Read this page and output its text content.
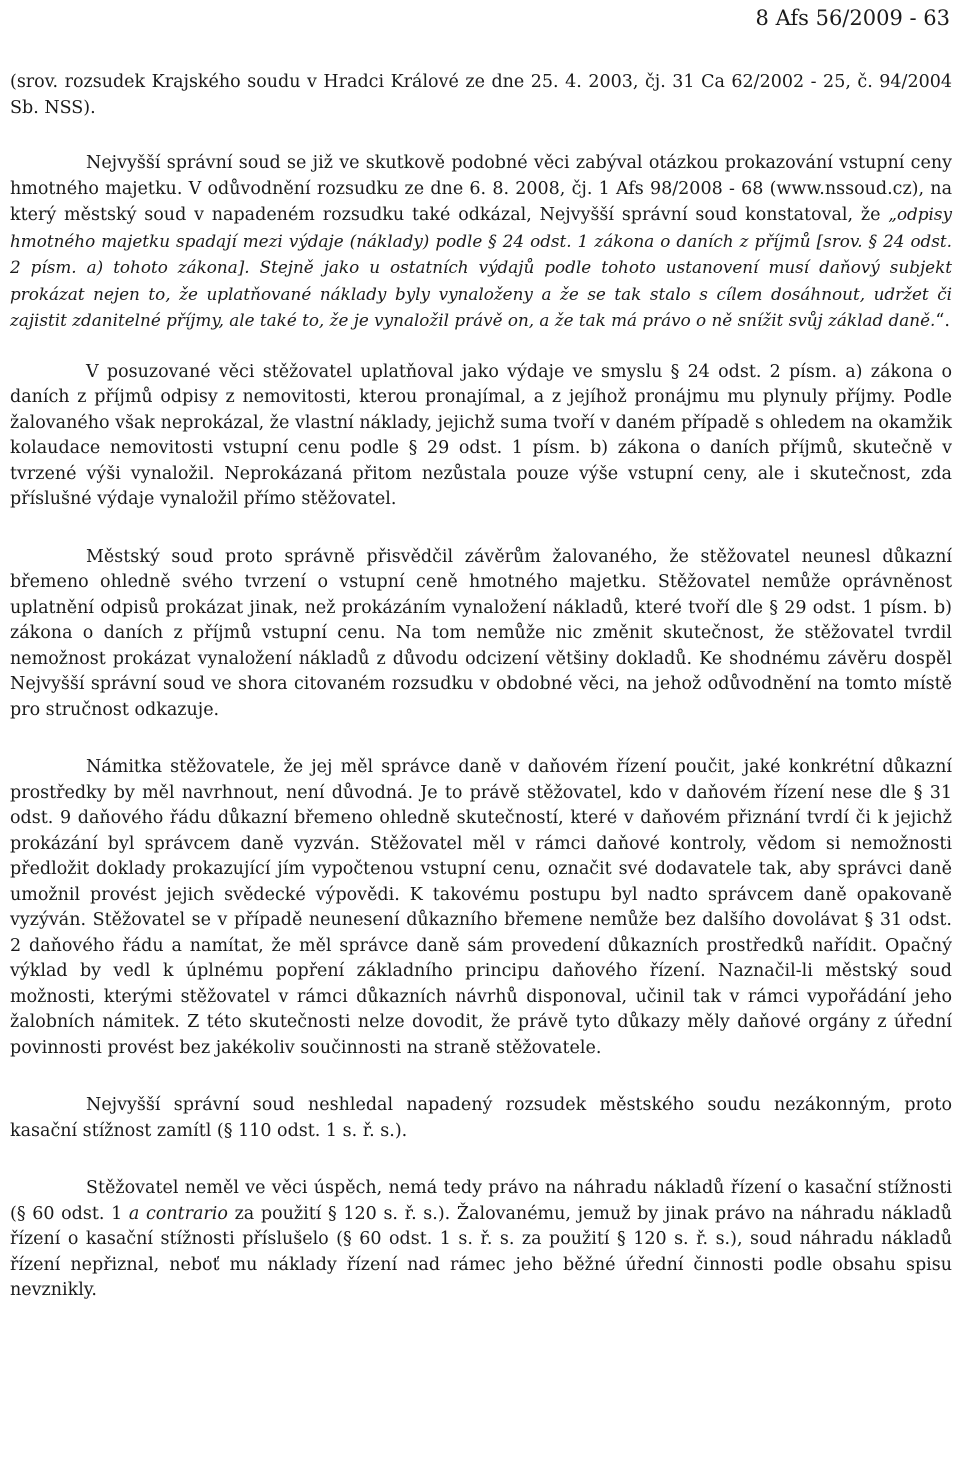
8 Afs 56/2009 - 63

(srov. rozsudek Krajského soudu v Hradci Králové ze dne 25. 4. 2003, čj. 31 Ca 62/2002 - 25, č. 94/2004 Sb. NSS).

Nejvyšší správní soud se již ve skutkově podobné věci zabýval otázkou prokazování vstupní ceny hmotného majetku. V odůvodnění rozsudku ze dne 6. 8. 2008, čj. 1 Afs 98/2008 - 68 (www.nssoud.cz), na který městský soud v napadeném rozsudku také odkázal, Nejvyšší správní soud konstatoval, že „odpisy hmotného majetku spadají mezi výdaje (náklady) podle § 24 odst. 1 zákona o daních z příjmů [srov. § 24 odst. 2 písm. a) tohoto zákona]. Stejně jako u ostatních výdajů podle tohoto ustanovení musí daňový subjekt prokázat nejen to, že uplatňované náklady byly vynaloženy a že se tak stalo s cílem dosáhnout, udržet či zajistit zdanitelné příjmy, ale také to, že je vynaložil právě on, a že tak má právo o ně snížit svůj základ daně.“.

V posuzované věci stěžovatel uplatňoval jako výdaje ve smyslu § 24 odst. 2 písm. a) zákona o daních z příjmů odpisy z nemovitosti, kterou pronajímal, a z jejíhož pronájmu mu plynuly příjmy. Podle žalovaného však neprokázal, že vlastní náklady, jejichž suma tvoří v daném případě s ohledem na okamžik kolaudace nemovitosti vstupní cenu podle § 29 odst. 1 písm. b) zákona o daních příjmů, skutečně v tvrzené výši vynaložil. Neprokázaná přitom nezůstala pouze výše vstupní ceny, ale i skutečnost, zda příslušné výdaje vynaložil přímo stěžovatel.

Městský soud proto správně přisvědčil závěrům žalovaného, že stěžovatel neunesl důkazní břemeno ohledně svého tvrzení o vstupní ceně hmotného majetku. Stěžovatel nemůže oprávněnost uplatnění odpisů prokázat jinak, než prokázáním vynaložení nákladů, které tvoří dle § 29 odst. 1 písm. b) zákona o daních z příjmů vstupní cenu. Na tom nemůže nic změnit skutečnost, že stěžovatel tvrdil nemožnost prokázat vynaložení nákladů z důvodu odcizení většiny dokladů. Ke shodnému závěru dospěl Nejvyšší správní soud ve shora citovaném rozsudku v obdobné věci, na jehož odůvodnění na tomto místě pro stručnost odkazuje.

Námitka stěžovatele, že jej měl správce daně v daňovém řízení poučit, jaké konkrétní důkazní prostředky by měl navrhnout, není důvodná. Je to právě stěžovatel, kdo v daňovém řízení nese dle § 31 odst. 9 daňového řádu důkazní břemeno ohledně skutečností, které v daňovém přiznání tvrdí či k jejichž prokázání byl správcem daně vyzván. Stěžovatel měl v rámci daňové kontroly, vědom si nemožnosti předložit doklady prokazující jím vypočtenou vstupní cenu, označit své dodavatele tak, aby správci daně umožnil provést jejich svědecké výpovědi. K takovému postupu byl nadto správcem daně opakovaně vyzýván. Stěžovatel se v případě neunesení důkazního břemene nemůže bez dalšího dovolávat § 31 odst. 2 daňového řádu a namítat, že měl správce daně sám provedení důkazních prostředků nařídit. Opačný výklad by vedl k úplnému popření základního principu daňového řízení. Naznačil-li městský soud možnosti, kterými stěžovatel v rámci důkazních návrhů disponoval, učinil tak v rámci vypořádání jeho žalobních námitek. Z této skutečnosti nelze dovodit, že právě tyto důkazy měly daňové orgány z úřední povinnosti provést bez jakékoliv součinnosti na straně stěžovatele.

Nejvyšší správní soud neshledal napadený rozsudek městského soudu nezákonným, proto kasační stížnost zamítl (§ 110 odst. 1 s. ř. s.).

Stěžovatel neměl ve věci úspěch, nemá tedy právo na náhradu nákladů řízení o kasační stížnosti (§ 60 odst. 1 a contrario za použití § 120 s. ř. s.). Žalovanému, jemuž by jinak právo na náhradu nákladů řízení o kasační stížnosti příslušelo (§ 60 odst. 1 s. ř. s. za použití § 120 s. ř. s.), soud náhradu nákladů řízení nepřiznal, neboť mu náklady řízení nad rámec jeho běžné úřední činnosti podle obsahu spisu nevznikly.
